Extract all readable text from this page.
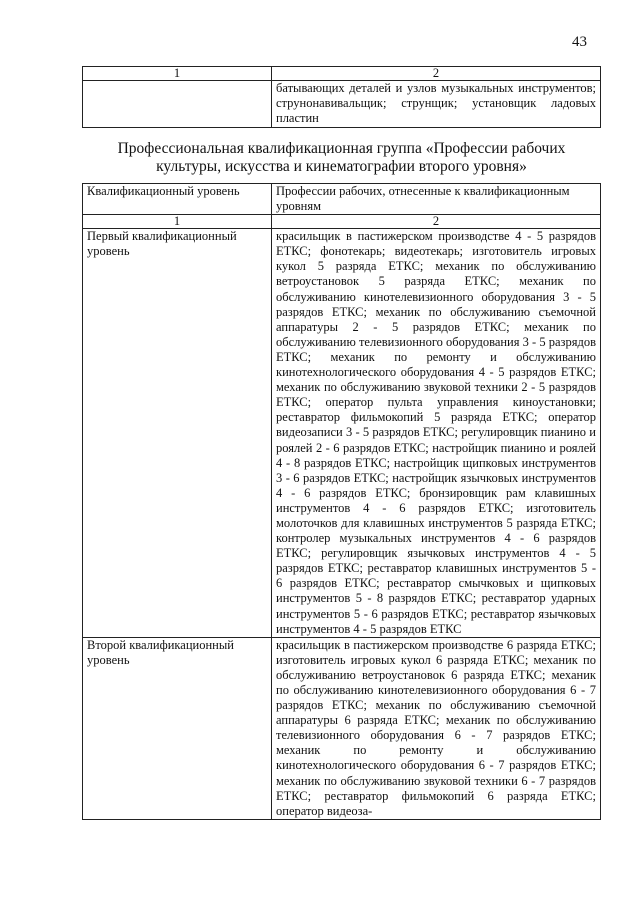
43
1	2
	батывающих деталей и узлов музыкальных инструментов; струнонавивальщик; струнщик; установщик ладовых пластин
Профессиональная квалификационная группа «Профессии рабочих
культуры, искусства и кинематографии второго уровня»
Квалификационный уровень	Профессии рабочих, отнесенные к квалификационным уровням
1	2
Первый квалификационный уровень	красильщик в пастижерском производстве 4 - 5 разрядов ЕТКС; фонотекарь; видеотекарь; изготовитель игровых кукол 5 разряда ЕТКС; механик по обслуживанию ветроустановок 5 разряда ЕТКС; механик по обслуживанию кинотелевизионного оборудования 3 - 5 разрядов ЕТКС; механик по обслуживанию съемочной аппаратуры 2 - 5 разрядов ЕТКС; механик по обслуживанию телевизионного оборудования 3 - 5 разрядов ЕТКС; механик по ремонту и обслуживанию кинотехнологического оборудования 4 - 5 разрядов ЕТКС; механик по обслуживанию звуковой техники 2 - 5 разрядов ЕТКС; оператор пульта управления киноустановки; реставратор фильмокопий 5 разряда ЕТКС; оператор видеозаписи 3 - 5 разрядов ЕТКС; регулировщик пианино и роялей 2 - 6 разрядов ЕТКС; настройщик пианино и роялей 4 - 8 разрядов ЕТКС; настройщик щипковых инструментов 3 - 6 разрядов ЕТКС; настройщик язычковых инструментов 4 - 6 разрядов ЕТКС; бронзировщик рам клавишных инструментов 4 - 6 разрядов ЕТКС; изготовитель молоточков для клавишных инструментов 5 разряда ЕТКС; контролер музыкальных инструментов 4 - 6 разрядов ЕТКС; регулировщик язычковых инструментов 4 - 5 разрядов ЕТКС; реставратор клавишных инструментов 5 - 6 разрядов ЕТКС; реставратор смычковых и щипковых инструментов 5 - 8 разрядов ЕТКС; реставратор ударных инструментов 5 - 6 разрядов ЕТКС; реставратор язычковых инструментов 4 - 5 разрядов ЕТКС
Второй квалификационный уровень	красильщик в пастижерском производстве 6 разряда ЕТКС; изготовитель игровых кукол 6 разряда ЕТКС; механик по обслуживанию ветроустановок 6 разряда ЕТКС; механик по обслуживанию кинотелевизионного оборудования 6 - 7 разрядов ЕТКС; механик по обслуживанию съемочной аппаратуры 6 разряда ЕТКС; механик по обслуживанию телевизионного оборудования 6 - 7 разрядов ЕТКС; механик по ремонту и обслуживанию кинотехнологического оборудования 6 - 7 разрядов ЕТКС; механик по обслуживанию звуковой техники 6 - 7 разрядов ЕТКС; реставратор фильмокопий 6 разряда ЕТКС; оператор видеоза-
